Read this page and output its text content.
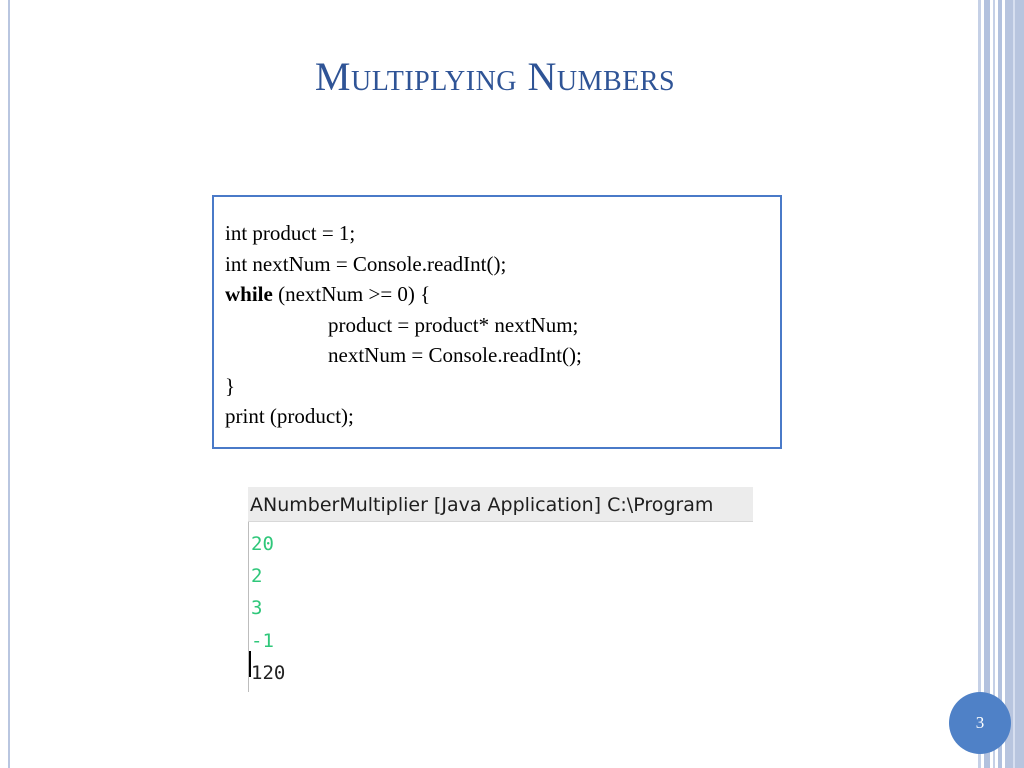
Multiplying Numbers
int product = 1;
int nextNum = Console.readInt();
while (nextNum >= 0) {
product = product* nextNum;
nextNum = Console.readInt();
}
print (product);
ANumberMultiplier [Java Application] C:\Program
20
2
3
-1
120
3
